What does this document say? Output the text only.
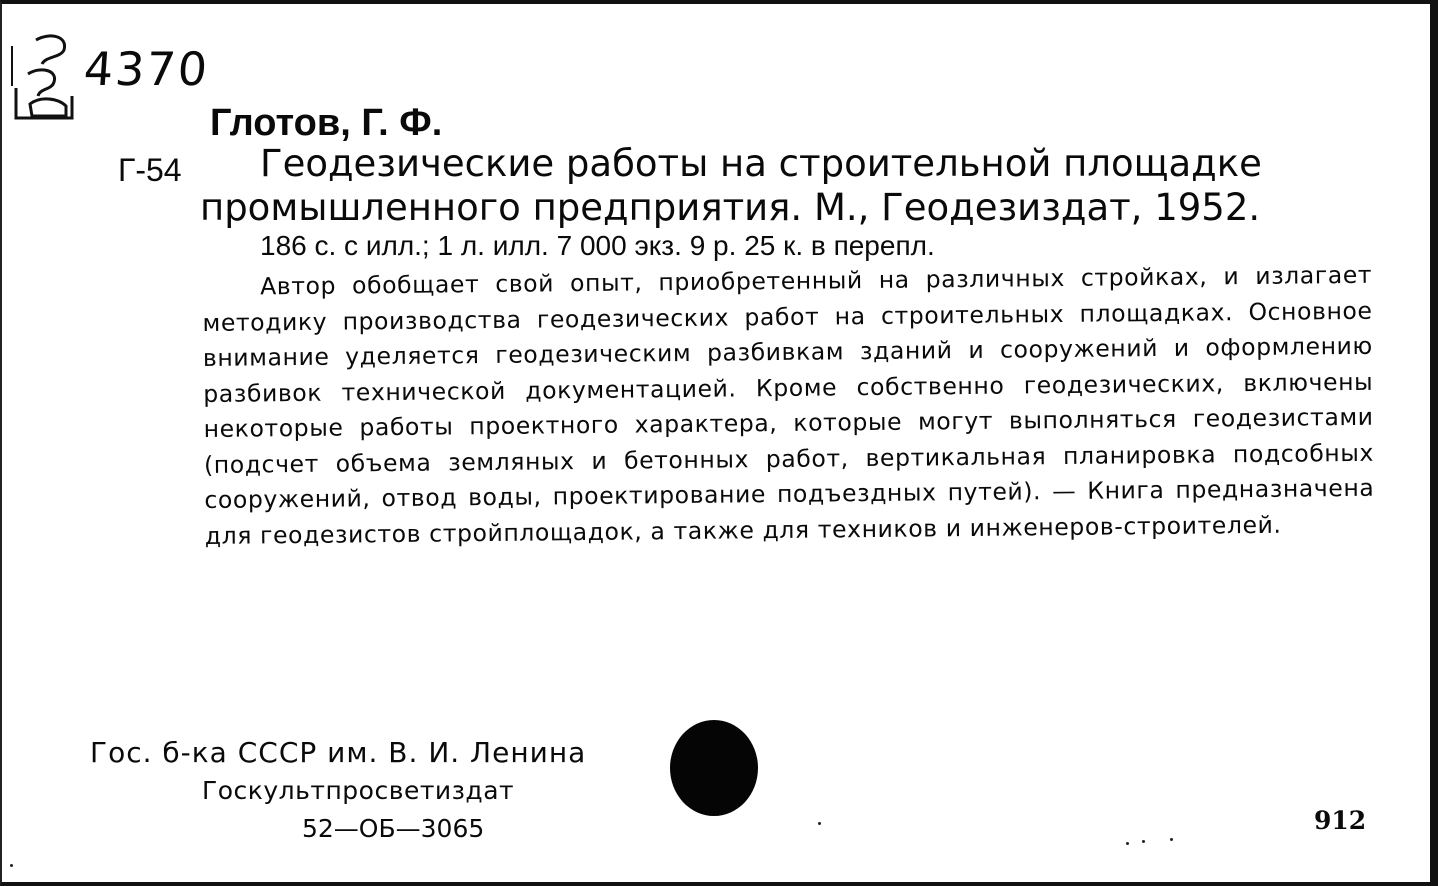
4370
Глотов, Г. Ф.
Г-54	Геодезические работы на строительной площадке промышленного предприятия. М., Геодезиздат, 1952.
186 с. с илл.; 1 л. илл. 7 000 экз. 9 р. 25 к. в перепл.
Автор обобщает свой опыт, приобретенный на различных стройках, и излагает методику производства геодезических работ на строительных площадках. Основное внимание уделяется геодезическим разбивкам зданий и сооружений и оформлению разбивок технической документацией. Кроме собственно геодезических, включены некоторые работы проектного характера, которые могут выполняться геодезистами (подсчет объема земляных и бетонных работ, вертикальная планировка подсобных сооружений, отвод воды, проектирование подъездных путей). — Книга предназначена для геодезистов стройплощадок, а также для техников и инженеров-строителей.
Гос. б-ка СССР им. В. И. Ленина
Госкультпросветиздат
52—ОБ—3065	912
